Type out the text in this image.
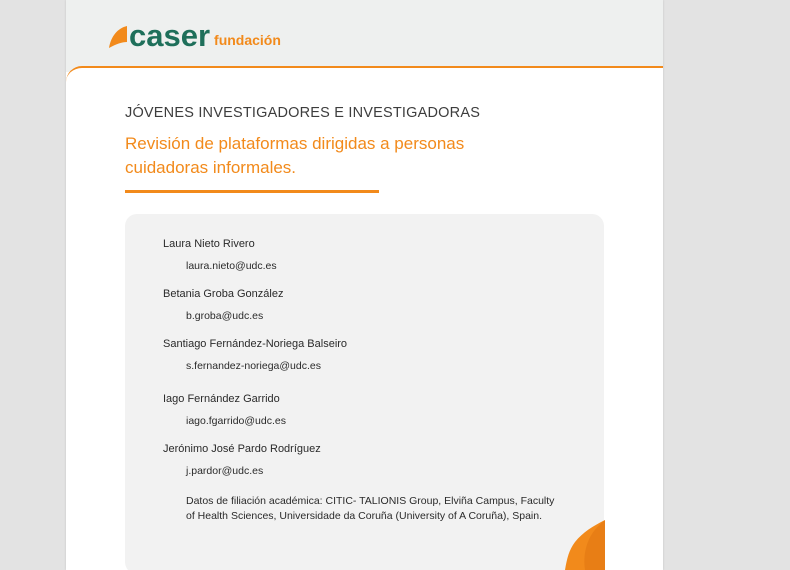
caser fundación
JÓVENES INVESTIGADORES E INVESTIGADORAS
Revisión de plataformas dirigidas a personas
cuidadoras informales.
Laura Nieto Rivero
laura.nieto@udc.es
Betania Groba González
b.groba@udc.es
Santiago Fernández-Noriega Balseiro
s.fernandez-noriega@udc.es
Iago Fernández Garrido
iago.fgarrido@udc.es
Jerónimo José Pardo Rodríguez
j.pardor@udc.es
Datos de filiación académica: CITIC- TALIONIS Group, Elviña Campus, Faculty
of Health Sciences, Universidade da Coruña (University of A Coruña), Spain.
